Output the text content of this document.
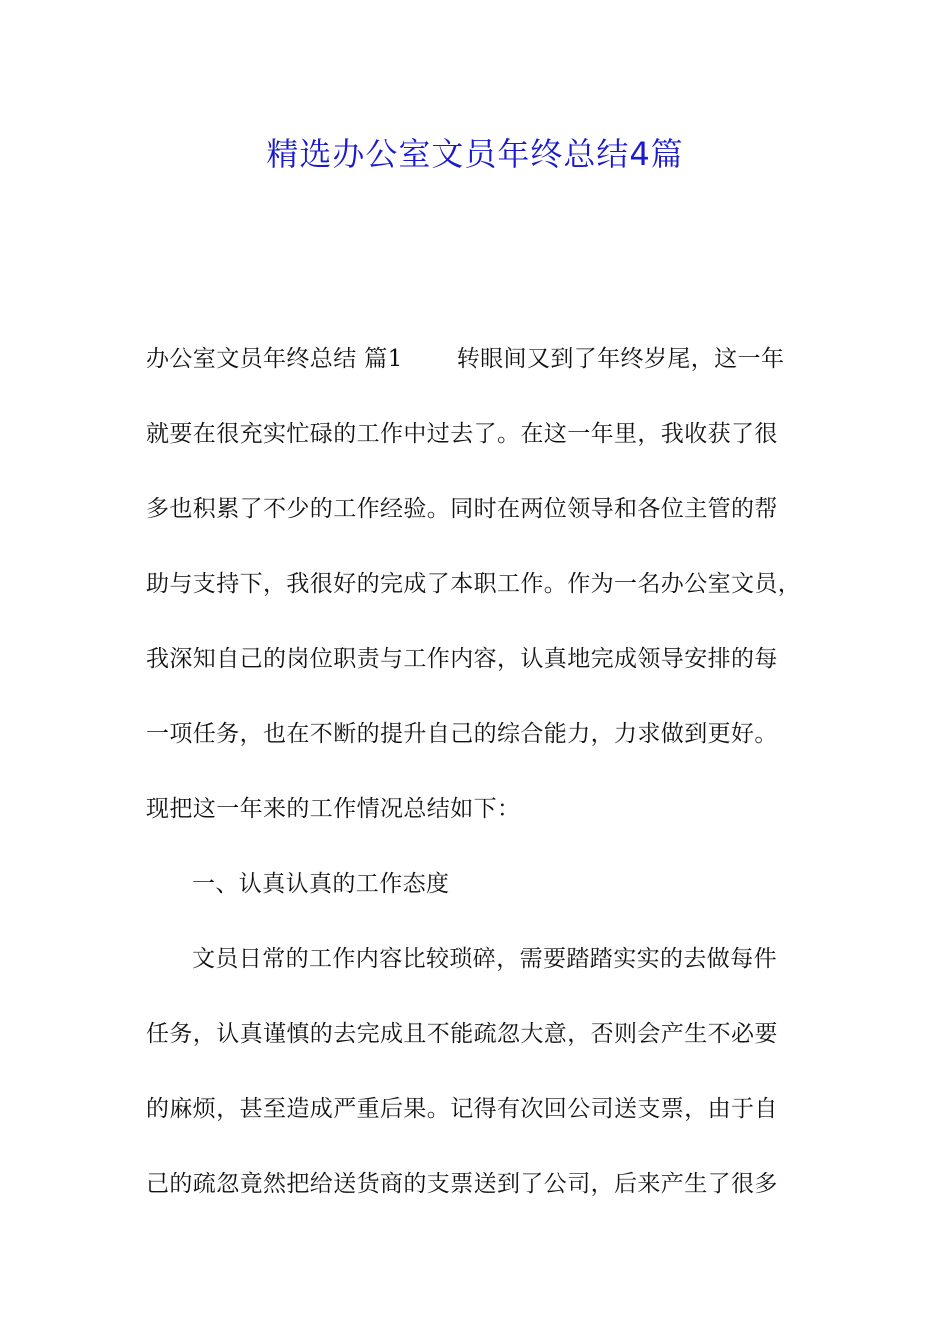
精选办公室文员年终总结4篇
办公室文员年终总结 篇1 转眼间又到了年终岁尾，这一年
就要在很充实忙碌的工作中过去了。在这一年里，我收获了很
多也积累了不少的工作经验。同时在两位领导和各位主管的帮
助与支持下，我很好的完成了本职工作。作为一名办公室文员，
我深知自己的岗位职责与工作内容，认真地完成领导安排的每
一项任务，也在不断的提升自己的综合能力，力求做到更好。
现把这一年来的工作情况总结如下：
一、认真认真的工作态度
文员日常的工作内容比较琐碎，需要踏踏实实的去做每件
任务，认真谨慎的去完成且不能疏忽大意，否则会产生不必要
的麻烦，甚至造成严重后果。记得有次回公司送支票，由于自
己的疏忽竟然把给送货商的支票送到了公司，后来产生了很多
